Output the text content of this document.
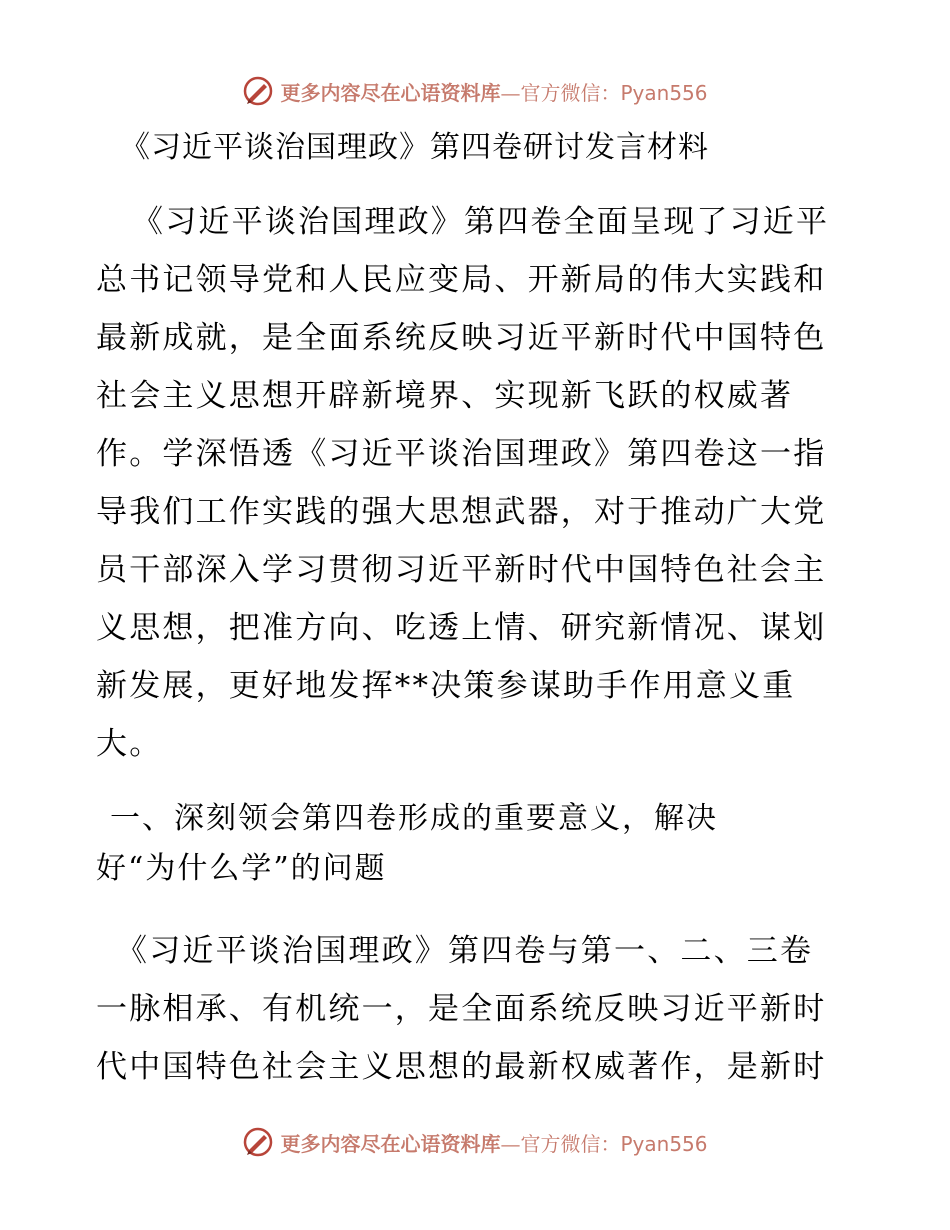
更多内容尽在心语资料库—官方微信：Pyan556
《习近平谈治国理政》第四卷研讨发言材料
《习近平谈治国理政》第四卷全面呈现了习近平
总书记领导党和人民应变局、开新局的伟大实践和
最新成就，是全面系统反映习近平新时代中国特色
社会主义思想开辟新境界、实现新飞跃的权威著
作。学深悟透《习近平谈治国理政》第四卷这一指
导我们工作实践的强大思想武器，对于推动广大党
员干部深入学习贯彻习近平新时代中国特色社会主
义思想，把准方向、吃透上情、研究新情况、谋划
新发展，更好地发挥**决策参谋助手作用意义重
大。
一、深刻领会第四卷形成的重要意义，解决
好“为什么学”的问题
《习近平谈治国理政》第四卷与第一、二、三卷
一脉相承、有机统一，是全面系统反映习近平新时
代中国特色社会主义思想的最新权威著作，是新时
更多内容尽在心语资料库—官方微信：Pyan556
